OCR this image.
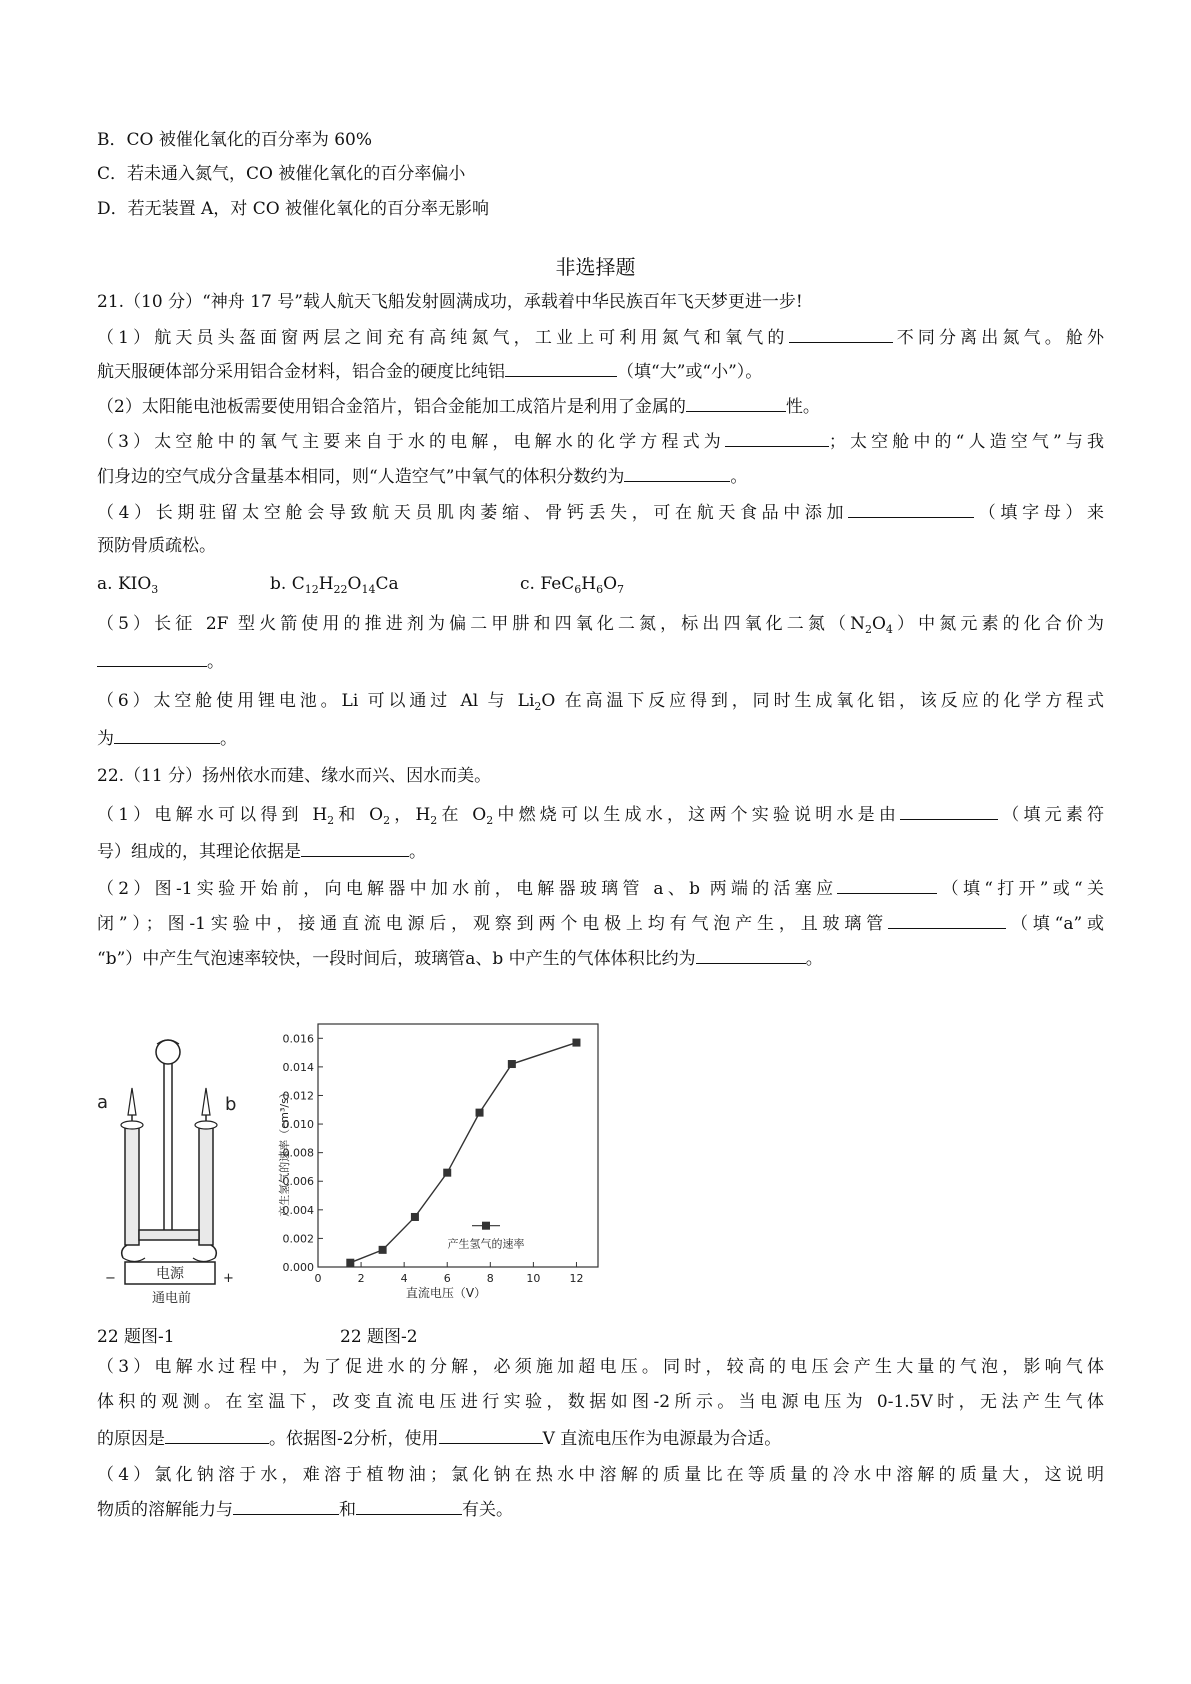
B．CO 被催化氧化的百分率为 60%
C．若未通入氮气，CO 被催化氧化的百分率偏小
D．若无装置 A，对 CO 被催化氧化的百分率无影响
非选择题
21.（10 分）“神舟 17 号”载人航天飞船发射圆满成功，承载着中华民族百年飞天梦更进一步!
（1）航天员头盔面窗两层之间充有高纯氮气，工业上可利用氮气和氧气的	不同分离出氮气。舱外
航天服硬体部分采用铝合金材料，铝合金的硬度比纯铝	（填“大”或“小”）。
（2）太阳能电池板需要使用铝合金箔片，铝合金能加工成箔片是利用了金属的	性。
（3）太空舱中的氧气主要来自于水的电解，电解水的化学方程式为	；太空舱中的“人造空气”与我
们身边的空气成分含量基本相同，则“人造空气”中氧气的体积分数约为	。
（4）长期驻留太空舱会导致航天员肌肉萎缩、骨钙丢失，可在航天食品中添加	（填字母）来
预防骨质疏松。
a. $KIO_3$	b. $C_{12}H_{22}O_{14}Ca$	c. $FeC_6H_6O_7$
（5）长征 2F 型火箭使用的推进剂为偏二甲肼和四氧化二氮，标出四氧化二氮$(N_2O_4)$中氮元素的化合价为
。
（6）太空舱使用锂电池。Li 可以通过 Al 与 $Li_2O$ 在高温下反应得到，同时生成氧化铝，该反应的化学方程式
为	。
22.（11 分）扬州依水而建、缘水而兴、因水而美。
（1）电解水可以得到 $H_2$和 $O_2$，$H_2$在 $O_2$中燃烧可以生成水，这两个实验说明水是由	（填元素符
号）组成的，其理论依据是	。
（2）图-1实验开始前，向电解器中加水前，电解器玻璃管 a、b 两端的活塞应	（填“打开”或“关
闭”）；图-1实验中，接通直流电源后，观察到两个电极上均有气泡产生，且玻璃管	（填“a”或
“b”）中产生气泡速率较快，一段时间后，玻璃管a、b 中产生的气体体积比约为	。
电源
−	+
通电前
a	b	产生氢气的速率（cm³/s）
直流电压（V）
0	2	4	6	8	10	12
0.000
0.002
0.004
0.006
0.008
0.010
0.012
0.014
0.016
产生氢气的速率
22 题图-1	22 题图-2
（3）电解水过程中，为了促进水的分解，必须施加超电压。同时，较高的电压会产生大量的气泡，影响气体
体积的观测。在室温下，改变直流电压进行实验，数据如图-2所示。当电源电压为 0-1.5V时，无法产生气体
的原因是	。依据图-2分析，使用	V 直流电压作为电源最为合适。
（4）氯化钠溶于水，难溶于植物油；氯化钠在热水中溶解的质量比在等质量的冷水中溶解的质量大，这说明
物质的溶解能力与	和	有关。
